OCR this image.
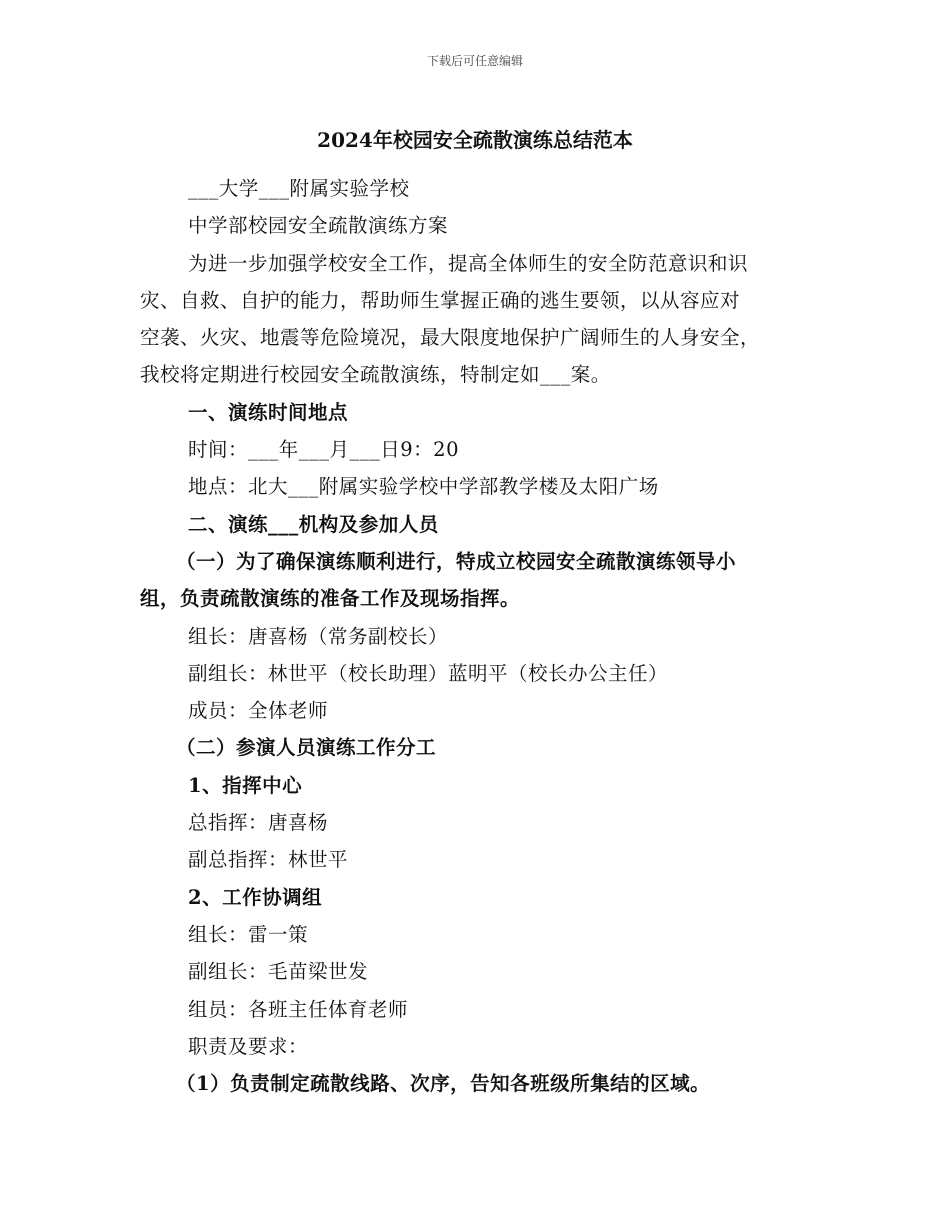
下载后可任意编辑
2024年校园安全疏散演练总结范本
___大学___附属实验学校
中学部校园安全疏散演练方案
为进一步加强学校安全工作，提高全体师生的安全防范意识和识
灾、自救、自护的能力，帮助师生掌握正确的逃生要领，以从容应对
空袭、火灾、地震等危险境况，最大限度地保护广阔师生的人身安全，
我校将定期进行校园安全疏散演练，特制定如___案。
一、演练时间地点
时间：___年___月___日9：20
地点：北大___附属实验学校中学部教学楼及太阳广场
二、演练___机构及参加人员
（一）为了确保演练顺利进行，特成立校园安全疏散演练领导小
组，负责疏散演练的准备工作及现场指挥。
组长：唐喜杨（常务副校长）
副组长：林世平（校长助理）蓝明平（校长办公主任）
成员：全体老师
（二）参演人员演练工作分工
1、指挥中心
总指挥：唐喜杨
副总指挥：林世平
2、工作协调组
组长：雷一策
副组长：毛苗梁世发
组员：各班主任体育老师
职责及要求：
（1）负责制定疏散线路、次序，告知各班级所集结的区域。
